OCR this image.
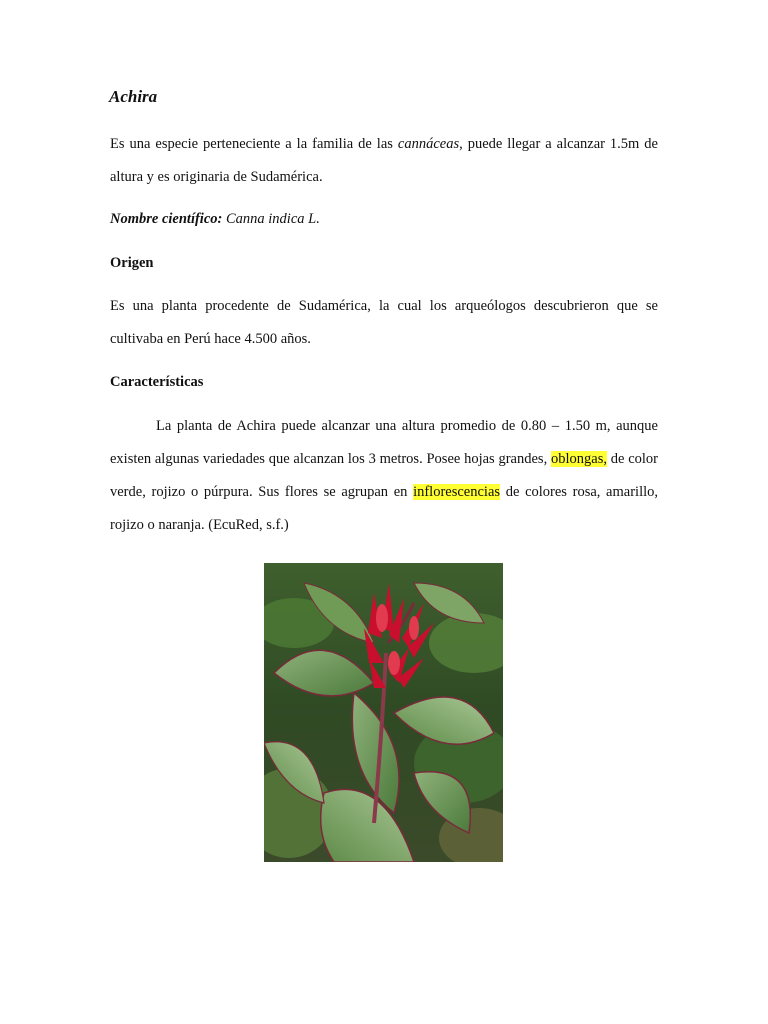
Achira

Es una especie perteneciente a la familia de las cannáceas, puede llegar a alcanzar 1.5m de altura y es originaria de Sudamérica.

Nombre científico: Canna indica L.

Origen

Es una planta procedente de Sudamérica, la cual los arqueólogos descubrieron que se cultivaba en Perú hace 4.500 años.

Características

La planta de Achira puede alcanzar una altura promedio de 0.80 – 1.50 m, aunque existen algunas variedades que alcanzan los 3 metros. Posee hojas grandes, oblongas, de color verde, rojizo o púrpura. Sus flores se agrupan en inflorescencias de colores rosa, amarillo, rojizo o naranja. (EcuRed, s.f.)
